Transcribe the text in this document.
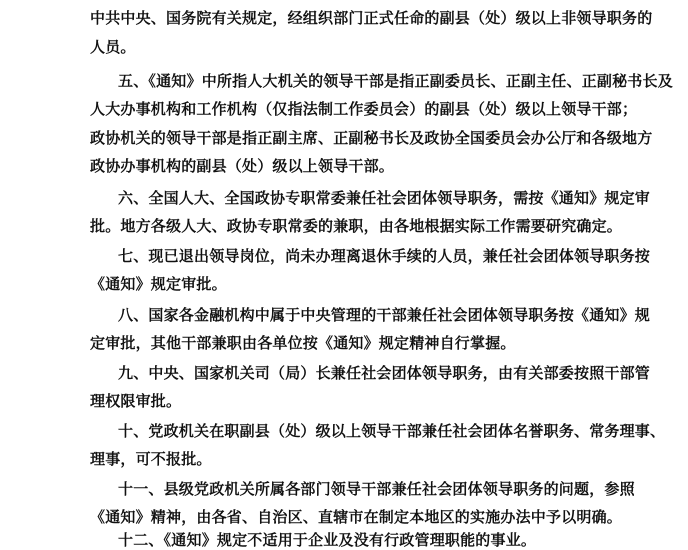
中共中央、国务院有关规定，经组织部门正式任命的副县（处）级以上非领导职务的
人员。
五、《通知》中所指人大机关的领导干部是指正副委员长、正副主任、正副秘书长及
人大办事机构和工作机构（仅指法制工作委员会）的副县（处）级以上领导干部；
政协机关的领导干部是指正副主席、正副秘书长及政协全国委员会办公厅和各级地方
政协办事机构的副县（处）级以上领导干部。
六、全国人大、全国政协专职常委兼任社会团体领导职务，需按《通知》规定审
批。地方各级人大、政协专职常委的兼职，由各地根据实际工作需要研究确定。
七、现已退出领导岗位，尚未办理离退休手续的人员，兼任社会团体领导职务按
《通知》规定审批。
八、国家各金融机构中属于中央管理的干部兼任社会团体领导职务按《通知》规
定审批，其他干部兼职由各单位按《通知》规定精神自行掌握。
九、中央、国家机关司（局）长兼任社会团体领导职务，由有关部委按照干部管
理权限审批。
十、党政机关在职副县（处）级以上领导干部兼任社会团体名誉职务、常务理事、
理事，可不报批。
十一、县级党政机关所属各部门领导干部兼任社会团体领导职务的问题，参照
《通知》精神，由各省、自治区、直辖市在制定本地区的实施办法中予以明确。
十二、《通知》规定不适用于企业及没有行政管理职能的事业。
